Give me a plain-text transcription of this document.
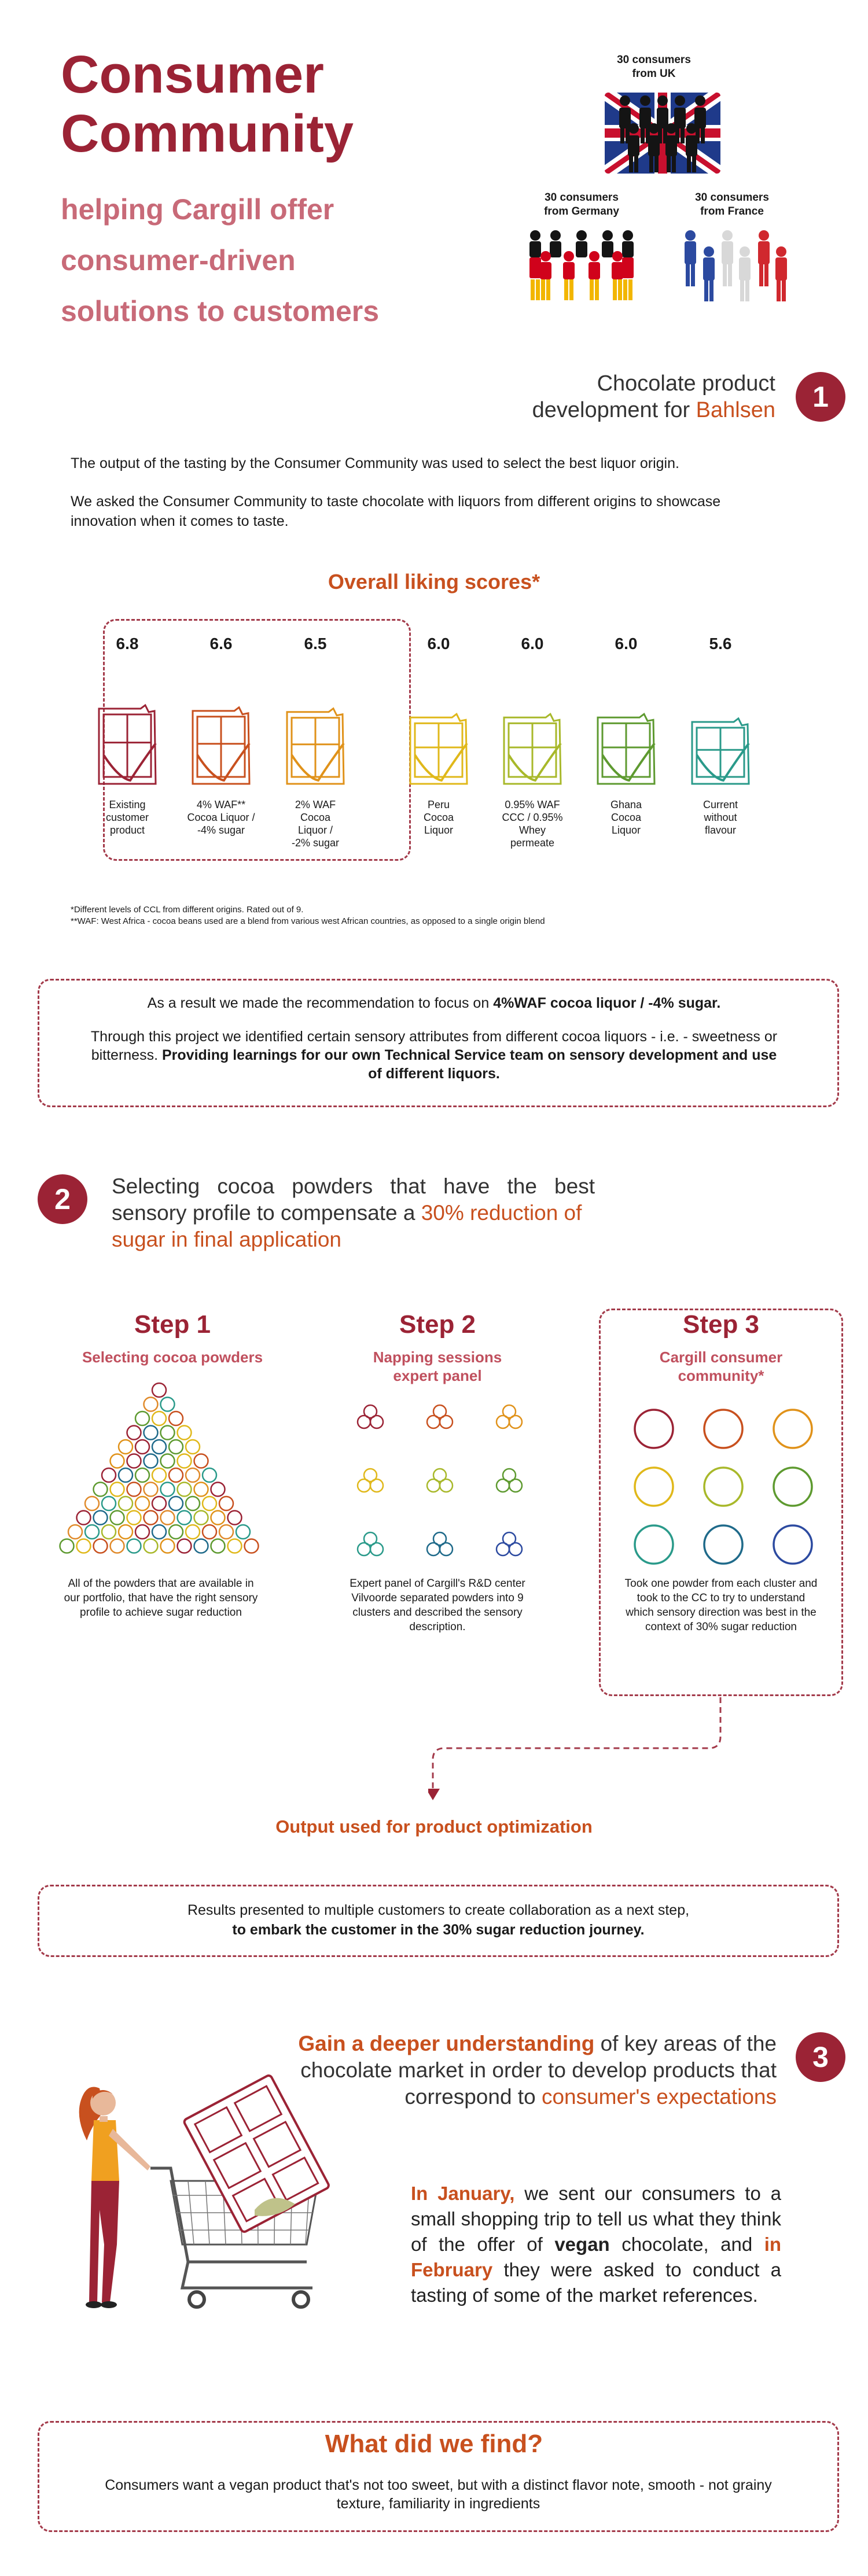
Consumer
Community
helping Cargill offer
consumer-driven
solutions to customers
30 consumers
from UK
30 consumers
from Germany
30 consumers
from France
Chocolate product
development for Bahlsen	1
The output of the tasting by the Consumer Community was used to select the best liquor origin.
We asked the Consumer Community to taste chocolate with liquors from different origins to showcase innovation when it comes to taste.
Overall liking scores*
6.8
Existing
customer
product
6.6
4% WAF**
Cocoa Liquor /
-4% sugar
6.5
2% WAF
Cocoa
Liquor /
-2% sugar
6.0
Peru
Cocoa
Liquor
6.0
0.95% WAF
CCC / 0.95%
Whey
permeate
6.0
Ghana
Cocoa
Liquor
5.6
Current
without
flavour
*Different levels of CCL from different origins. Rated out of 9.
**WAF: West Africa - cocoa beans used are a blend from various west African countries, as opposed to a single origin blend

As a result we made the recommendation to focus on 4%WAF cocoa liquor / -4% sugar.

Through this project we identified certain sensory attributes from different cocoa liquors - i.e. - sweetness or bitterness. Providing learnings for our own Technical Service team on sensory development and use of different liquors.

2	Selecting cocoa powders that have the best
sensory profile to compensate a 30% reduction of
sugar in final application
Step 1
Selecting cocoa powders
All of the powders that are available in our portfolio, that have the right sensory profile to achieve sugar reduction
Step 2
Napping sessions
expert panel
Expert panel of Cargill's R&D center Vilvoorde separated powders into 9 clusters and described the sensory description.
Step 3
Cargill consumer
community*
Took one powder from each cluster and took to the CC to try to understand which sensory direction was best in the context of 30% sugar reduction
Output used for product optimization
Results presented to multiple customers to create collaboration as a next step,
to embark the customer in the 30% sugar reduction journey.
Gain a deeper understanding of key areas of the
chocolate market in order to develop products that
correspond to consumer's expectations
3
In January, we sent our consumers to a small shopping trip to tell us what they think of the offer of vegan chocolate, and in February they were asked to conduct a tasting of some of the market references.
What did we find?
Consumers want a vegan product that's not too sweet, but with a distinct flavor note, smooth - not grainy texture, familiarity in ingredients
